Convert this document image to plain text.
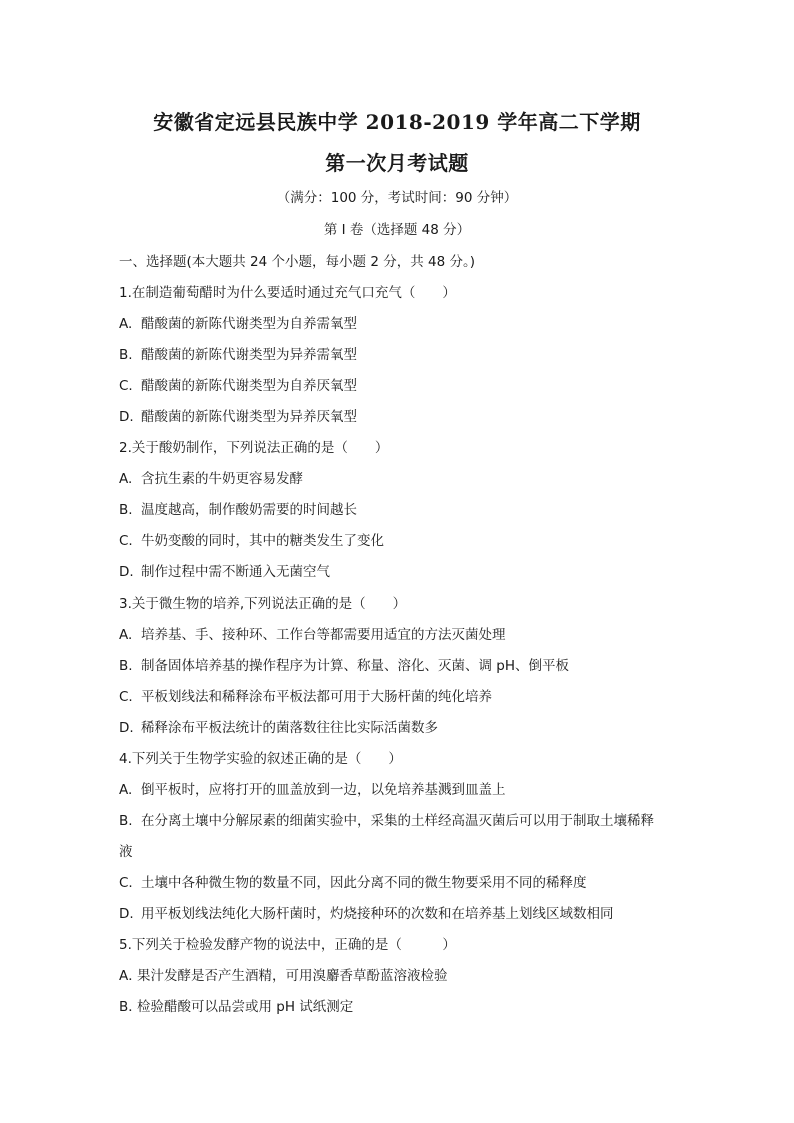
安徽省定远县民族中学 2018-2019 学年高二下学期
第一次月考试题
（满分：100 分，考试时间：90 分钟）
第 I 卷（选择题 48 分）
一、选择题(本大题共 24 个小题，每小题 2 分，共 48 分。)
1.在制造葡萄醋时为什么要适时通过充气口充气（　　）
A. 醋酸菌的新陈代谢类型为自养需氧型
B. 醋酸菌的新陈代谢类型为异养需氧型
C. 醋酸菌的新陈代谢类型为自养厌氧型
D. 醋酸菌的新陈代谢类型为异养厌氧型
2.关于酸奶制作，下列说法正确的是（　　）
A. 含抗生素的牛奶更容易发酵
B. 温度越高，制作酸奶需要的时间越长
C. 牛奶变酸的同时，其中的糖类发生了变化
D. 制作过程中需不断通入无菌空气
3.关于微生物的培养,下列说法正确的是（　　）
A. 培养基、手、接种环、工作台等都需要用适宜的方法灭菌处理
B. 制备固体培养基的操作程序为计算、称量、溶化、灭菌、调 pH、倒平板
C. 平板划线法和稀释涂布平板法都可用于大肠杆菌的纯化培养
D. 稀释涂布平板法统计的菌落数往往比实际活菌数多
4.下列关于生物学实验的叙述正确的是（　　）
A. 倒平板时，应将打开的皿盖放到一边，以免培养基溅到皿盖上
B. 在分离土壤中分解尿素的细菌实验中，采集的土样经高温灭菌后可以用于制取土壤稀释
液
C. 土壤中各种微生物的数量不同，因此分离不同的微生物要采用不同的稀释度
D. 用平板划线法纯化大肠杆菌时，灼烧接种环的次数和在培养基上划线区域数相同
5.下列关于检验发酵产物的说法中，正确的是（　　　）
A．果汁发酵是否产生酒精，可用溴麝香草酚蓝溶液检验
B．检验醋酸可以品尝或用 pH 试纸测定
